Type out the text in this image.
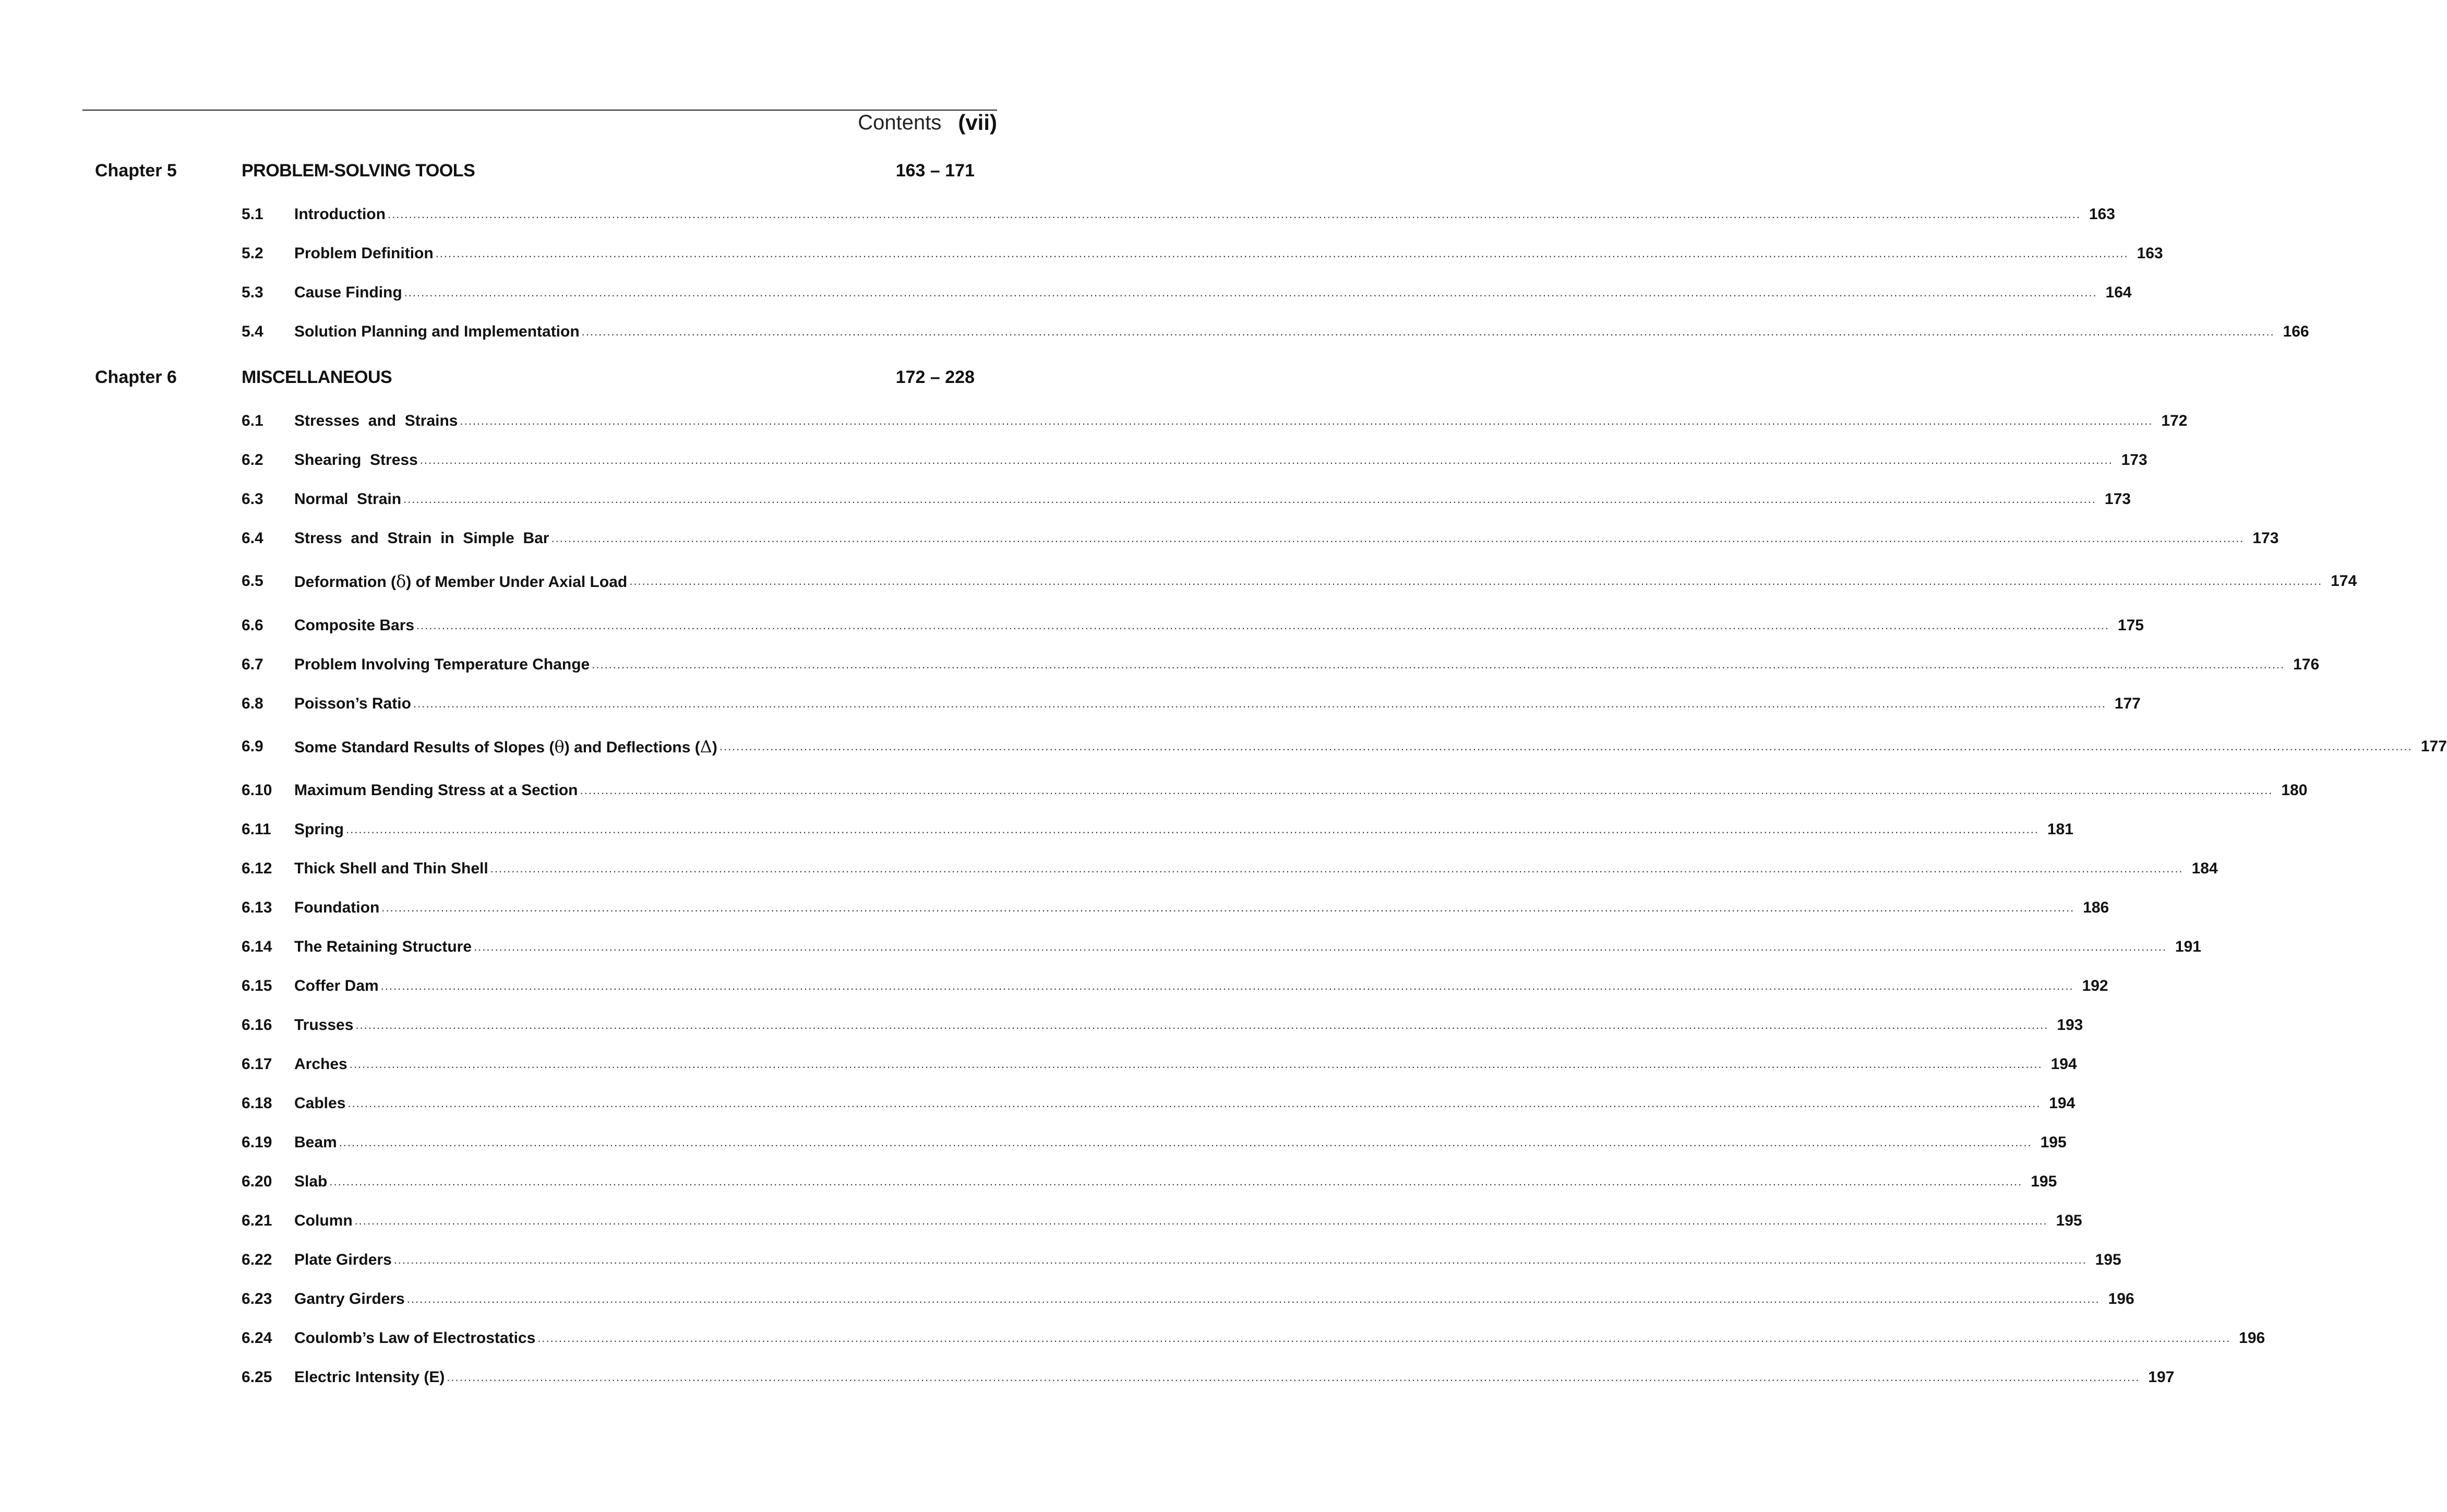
Contents (vii)
Chapter 5	PROBLEM-SOLVING TOOLS	163 – 171
5.1	Introduction ................................................................................................................................................................................................................................................................................................................................................................................................................ 163
5.2	Problem Definition ................................................................................................................................................................................................................................................................................................................................................................................................................ 163
5.3	Cause Finding ................................................................................................................................................................................................................................................................................................................................................................................................................ 164
5.4	Solution Planning and Implementation ................................................................................................................................................................................................................................................................................................................................................................................................................ 166
Chapter 6	MISCELLANEOUS	172 – 228
6.1	Stresses  and  Strains ................................................................................................................................................................................................................................................................................................................................................................................................................ 172
6.2	Shearing  Stress ................................................................................................................................................................................................................................................................................................................................................................................................................ 173
6.3	Normal  Strain ................................................................................................................................................................................................................................................................................................................................................................................................................ 173
6.4	Stress  and  Strain  in  Simple  Bar ................................................................................................................................................................................................................................................................................................................................................................................................................ 173
6.5	Deformation (δ) of Member Under Axial Load ................................................................................................................................................................................................................................................................................................................................................................................................................ 174
6.6	Composite Bars ................................................................................................................................................................................................................................................................................................................................................................................................................ 175
6.7	Problem Involving Temperature Change ................................................................................................................................................................................................................................................................................................................................................................................................................ 176
6.8	Poisson’s Ratio ................................................................................................................................................................................................................................................................................................................................................................................................................ 177
6.9	Some Standard Results of Slopes (θ) and Deflections (Δ) ................................................................................................................................................................................................................................................................................................................................................................................................................ 177
6.10	Maximum Bending Stress at a Section ................................................................................................................................................................................................................................................................................................................................................................................................................ 180
6.11	Spring ................................................................................................................................................................................................................................................................................................................................................................................................................ 181
6.12	Thick Shell and Thin Shell ................................................................................................................................................................................................................................................................................................................................................................................................................ 184
6.13	Foundation ................................................................................................................................................................................................................................................................................................................................................................................................................ 186
6.14	The Retaining Structure ................................................................................................................................................................................................................................................................................................................................................................................................................ 191
6.15	Coffer Dam ................................................................................................................................................................................................................................................................................................................................................................................................................ 192
6.16	Trusses ................................................................................................................................................................................................................................................................................................................................................................................................................ 193
6.17	Arches ................................................................................................................................................................................................................................................................................................................................................................................................................ 194
6.18	Cables ................................................................................................................................................................................................................................................................................................................................................................................................................ 194
6.19	Beam ................................................................................................................................................................................................................................................................................................................................................................................................................ 195
6.20	Slab ................................................................................................................................................................................................................................................................................................................................................................................................................ 195
6.21	Column ................................................................................................................................................................................................................................................................................................................................................................................................................ 195
6.22	Plate Girders ................................................................................................................................................................................................................................................................................................................................................................................................................ 195
6.23	Gantry Girders ................................................................................................................................................................................................................................................................................................................................................................................................................ 196
6.24	Coulomb’s Law of Electrostatics ................................................................................................................................................................................................................................................................................................................................................................................................................ 196
6.25	Electric Intensity (E) ................................................................................................................................................................................................................................................................................................................................................................................................................ 197
